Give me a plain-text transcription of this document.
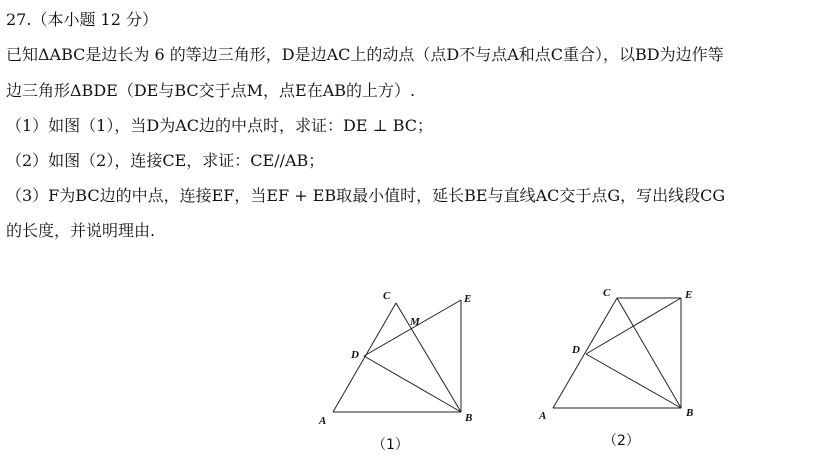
27.（本小题 12 分）
已知ΔABC是边长为 6 的等边三角形，D是边AC上的动点（点D不与点A和点C重合），以BD为边作等
边三角形ΔBDE（DE与BC交于点M，点E在AB的上方）.
（1）如图（1），当D为AC边的中点时，求证：DE ⊥ BC；
（2）如图（2），连接CE，求证：CE//AB；
（3）F为BC边的中点，连接EF，当EF + EB取最小值时，延长BE与直线AC交于点G，写出线段CG
的长度，并说明理由.
C	E
M
D
A	B
（1）
C	E
D
A	B
（2）
